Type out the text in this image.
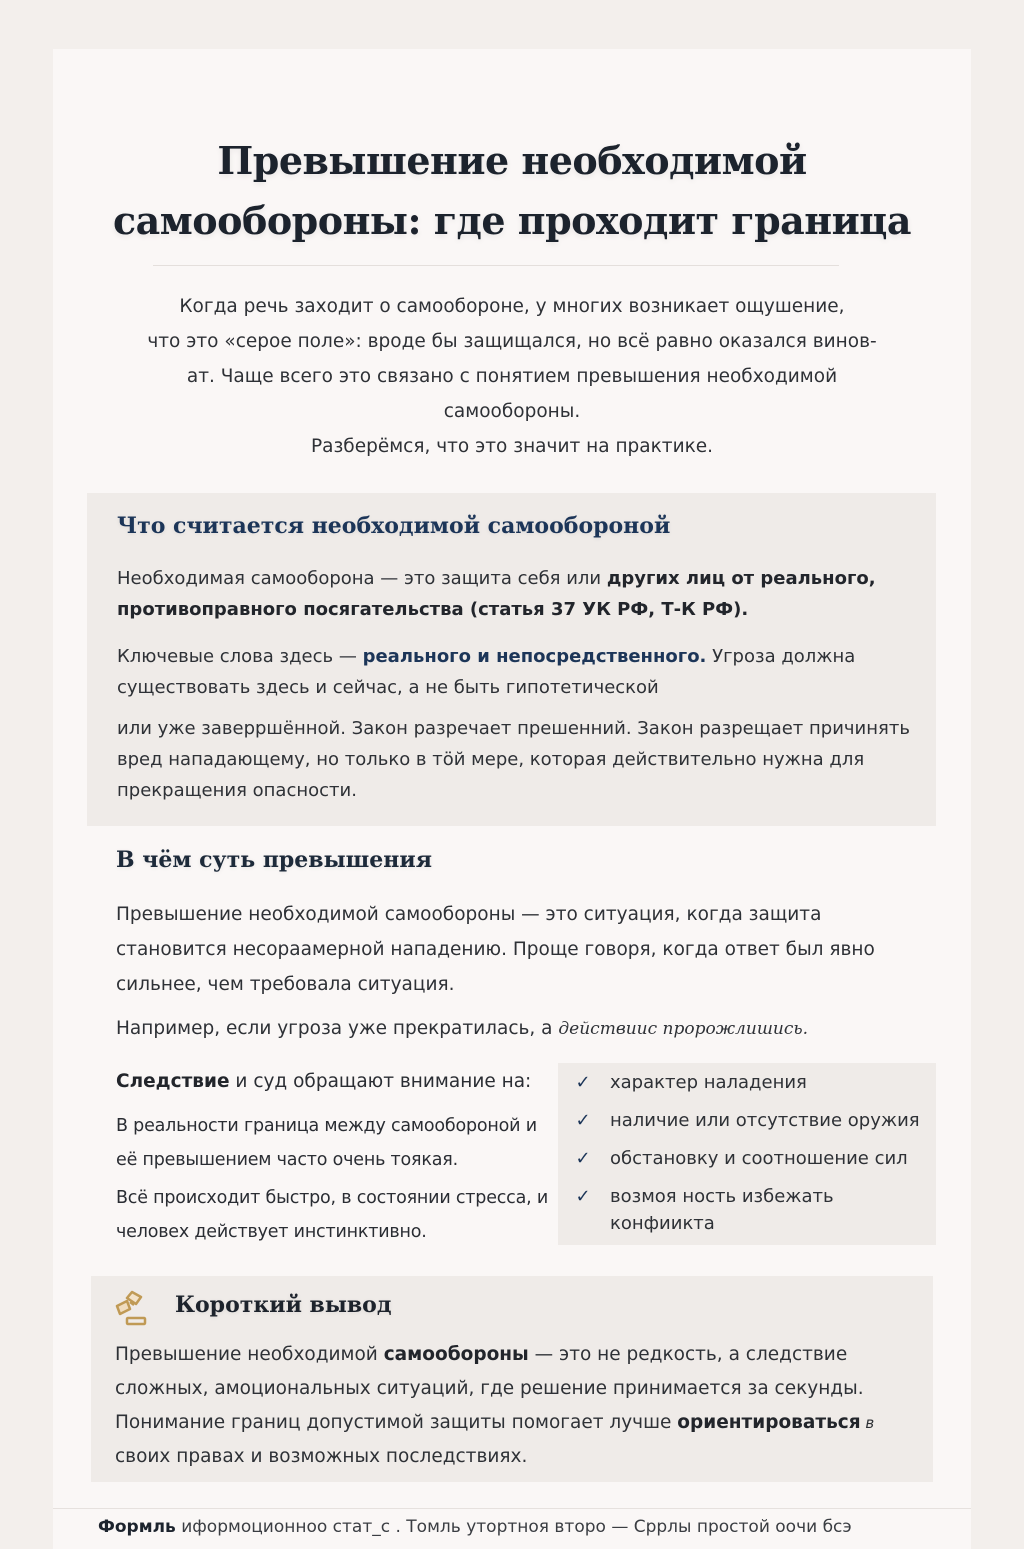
Превышение необходимой
самообороны: где проходит граница

Когда речь заходит о самообороне, у многих возникает ощушение,

что это «серое поле»: вроде бы защищался, но всё равно оказался винов-

ат. Чаще всего это связано с понятием превышения необходимой

самообороны.

Разберёмся, что это значит на практике.

Что считается необходимой самообороной

Необходимая самооборона — это защита себя или других лиц от реального, противоправного посягательства (статья 37 УК РФ, Т-К РФ).

Ключевые слова здесь — реального и непосредственного. Угроза должна существовать здесь и сейчас, а не быть гипотетической

или уже заверршённой. Закон разречает прешенний. Закон разрещает причинять вред нападающему, но только в тӧй мере, которая действительно нужна для прекращения опасности.

В чём суть превышения

Превышение необходимой самообороны — это ситуация, когда защита становится несораамерной нападению. Проще говоря, когда ответ был явно сильнее, чем требовала ситуация.

Например, если угроза уже прекратилась, а действиис пророжлишись.

Следствие и суд обращают внимание на:

В реальности граница между самообороной и её превышением часто очень тоякая.

Всё происходит быстро, в состоянии стресса, и человех действует инстинктивно.

✓ характер наладения
✓ наличие или отсутствие оружия
✓ обстановку и соотношение сил
✓ возмоя ность избежать конфиикта
Короткий вывод

Превышение необходимой самообороны — это не редкость, а следствие сложных, амоциональных ситуаций, где решение принимается за секунды. Понимание границ допустимой защиты помогает лучше ориентироваться в своих правах и возможных последствиях.

Формль иформоционноо стат_с . Томль утортноя второ — Сррлы простой оочи бсэ
